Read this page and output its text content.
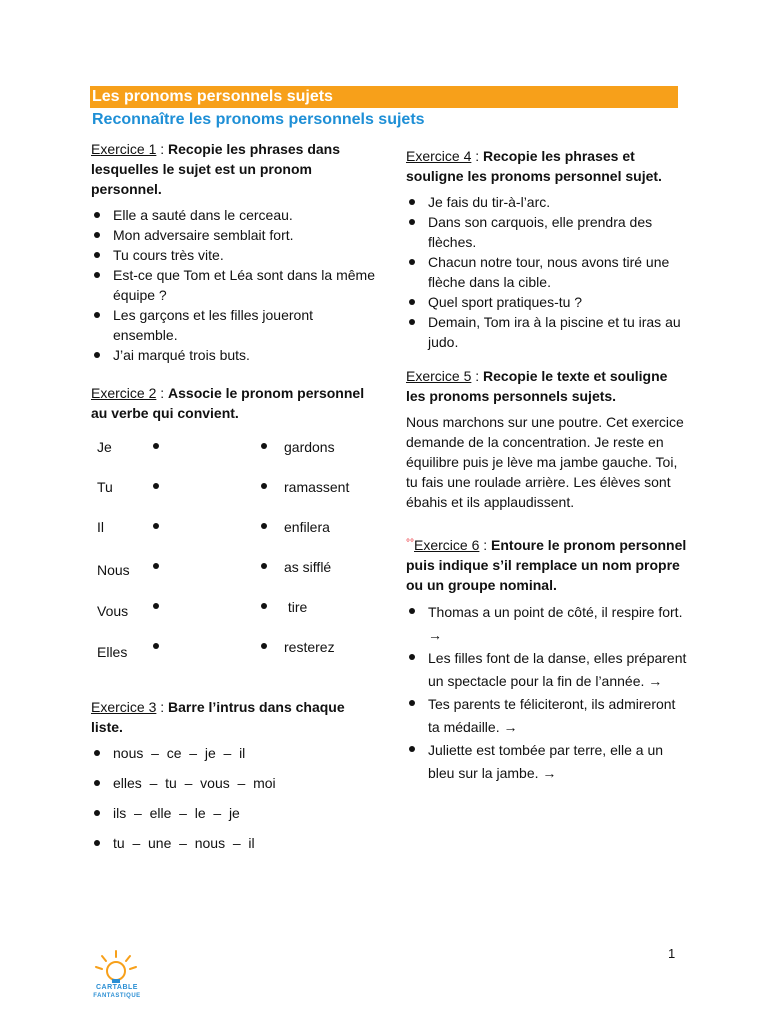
Les pronoms personnels sujets
Reconnaître les pronoms personnels sujets
Exercice 1 : Recopie les phrases dans lesquelles le sujet est un pronom personnel.
Elle a sauté dans le cerceau.
Mon adversaire semblait fort.
Tu cours très vite.
Est-ce que Tom et Léa sont dans la même équipe ?
Les garçons et les filles joueront ensemble.
J’ai marqué trois buts.
Exercice 2 : Associe le pronom personnel au verbe qui convient.
Je	gardons
Tu	ramassent
Il	enfilera
Nous	as sifflé
Vous	tire
Elles	resterez
Exercice 3 : Barre l’intrus dans chaque liste.
nous  –  ce  –  je  –  il
elles  –  tu  –  vous  –  moi
ils  –  elle  –  le  –  je
tu  –  une  –  nous  –  il
Exercice 4 : Recopie les phrases et souligne les pronoms personnel sujet.
Je fais du tir-à-l’arc.
Dans son carquois, elle prendra des flèches.
Chacun notre tour, nous avons tiré une flèche dans la cible.
Quel sport pratiques-tu ?
Demain, Tom ira à la piscine et tu iras au judo.
Exercice 5 : Recopie le texte et souligne les pronoms personnels sujets.
Nous marchons sur une poutre. Cet exercice demande de la concentration. Je reste en équilibre puis je lève ma jambe gauche. Toi, tu fais une roulade arrière. Les élèves sont ébahis et ils applaudissent.
°°Exercice 6 : Entoure le pronom personnel puis indique s’il remplace un nom propre ou un groupe nominal.
Thomas a un point de côté, il respire fort. →
Les filles font de la danse, elles préparent un spectacle pour la fin de l’année. →
Tes parents te féliciteront, ils admireront ta médaille. →
Juliette est tombée par terre, elle a un bleu sur la jambe. →
1
CARTABLE
FANTASTIQUE
